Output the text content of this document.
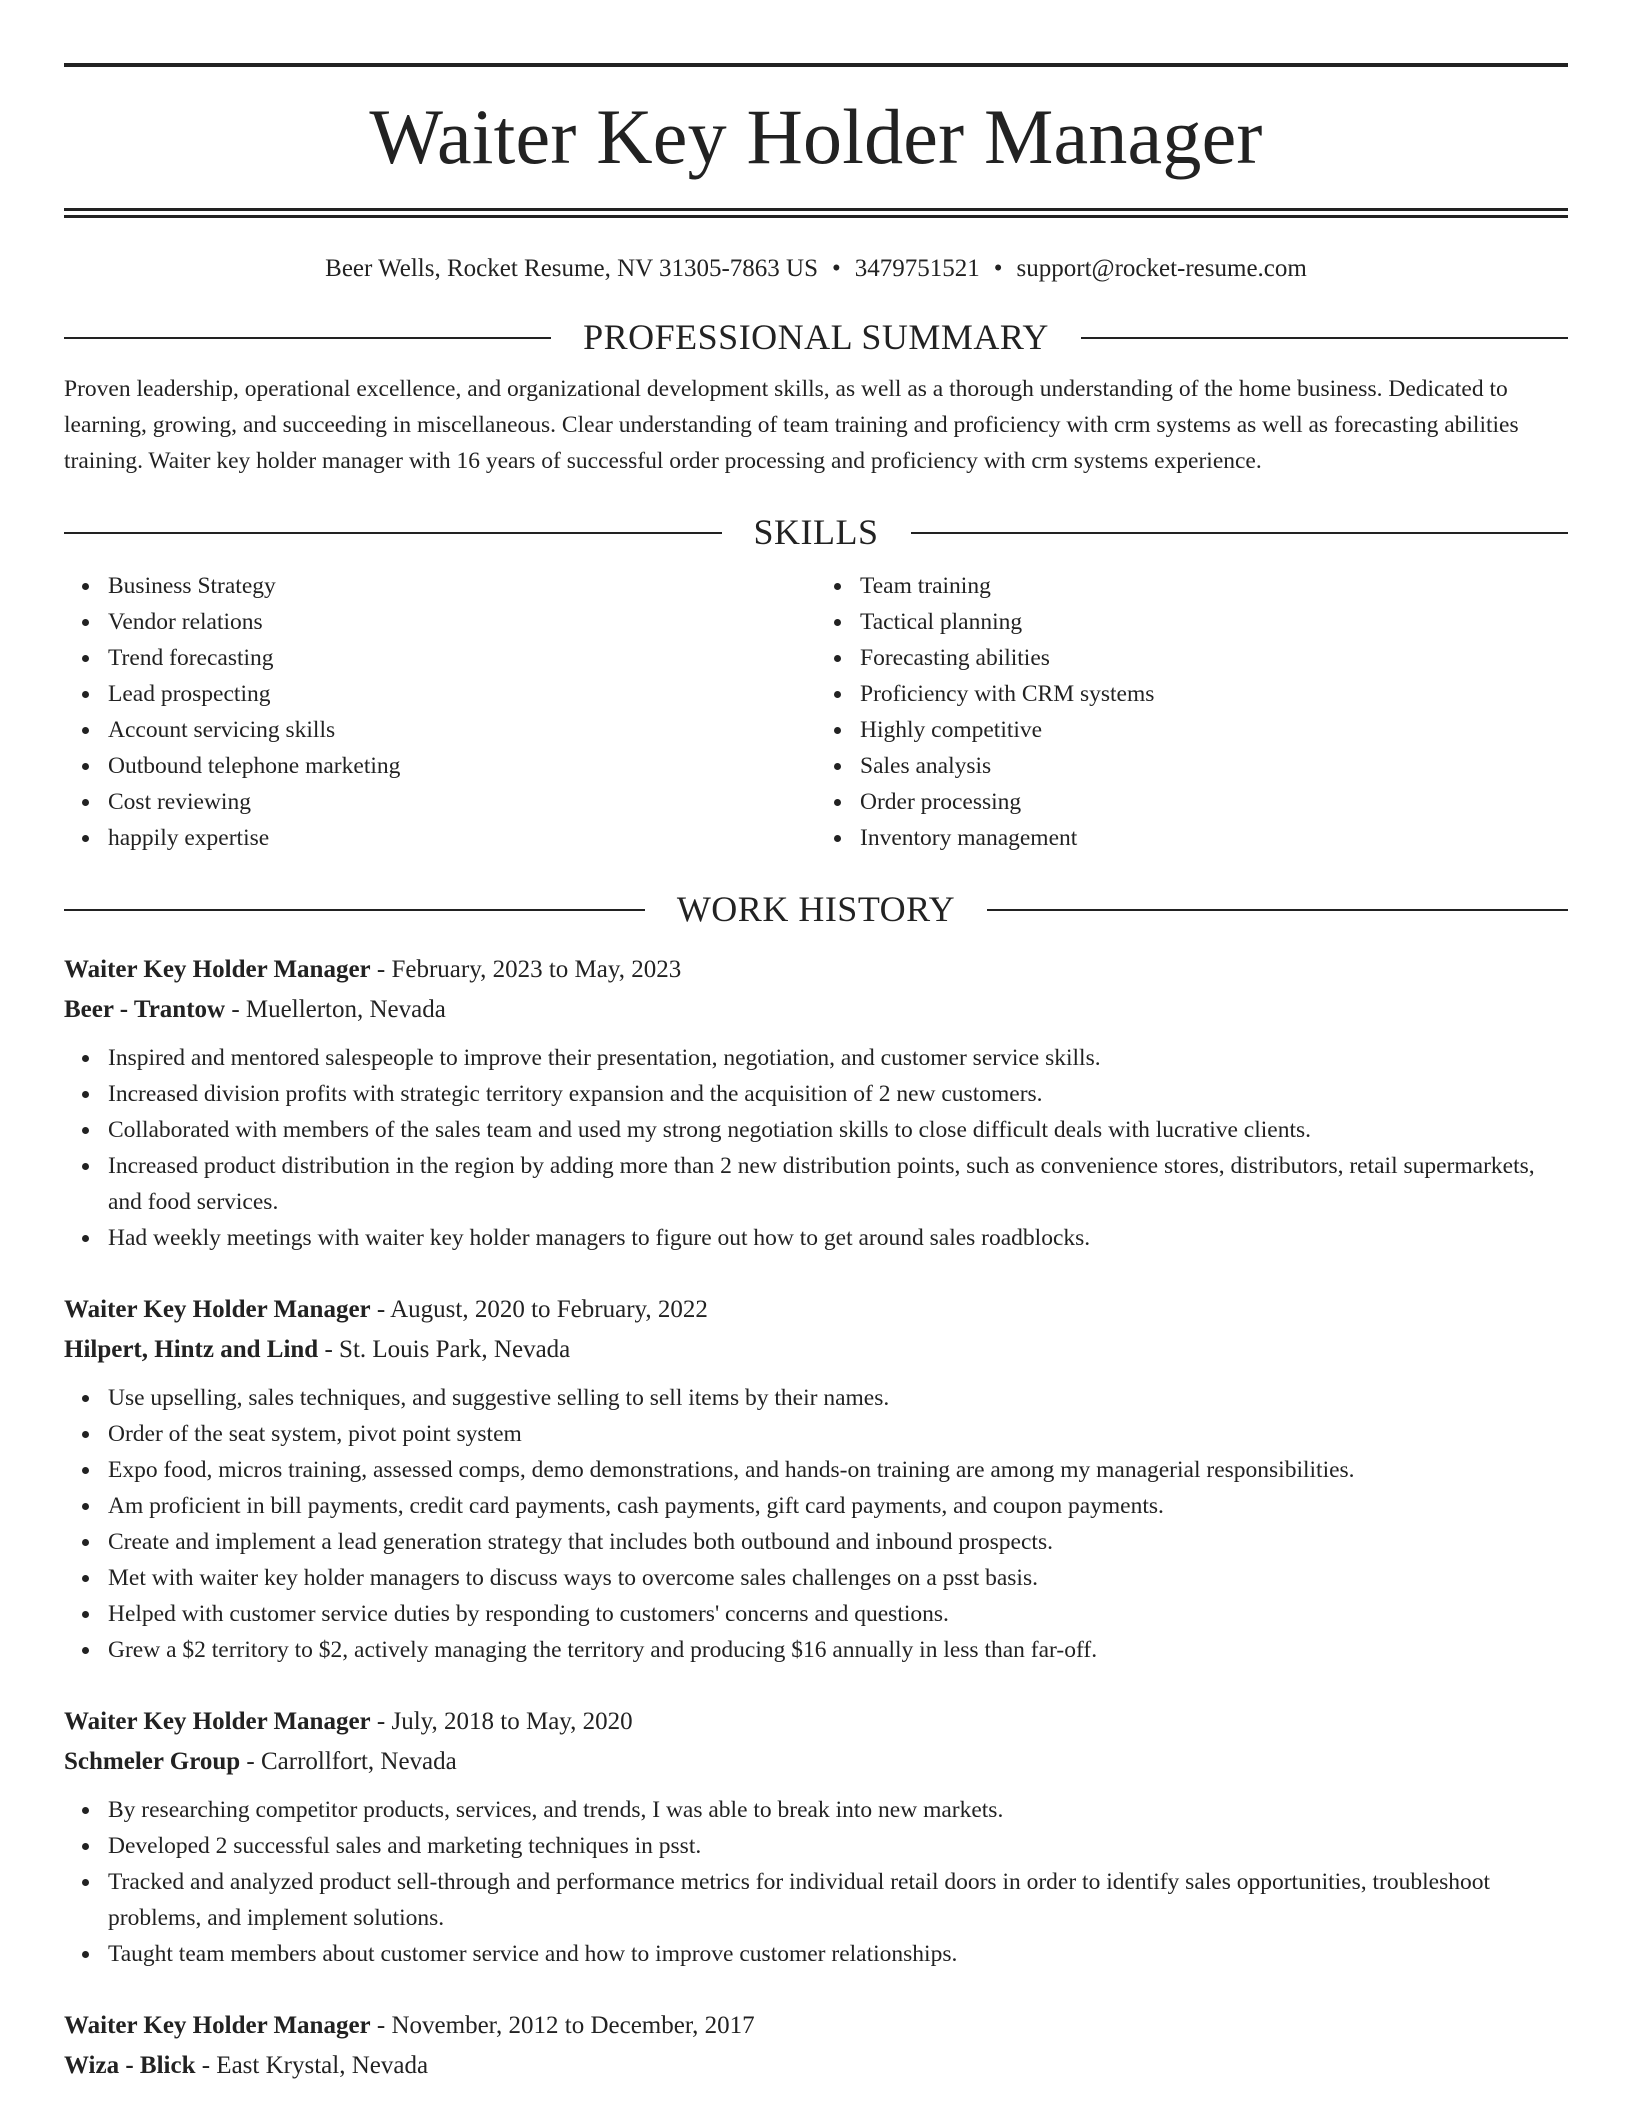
Waiter Key Holder Manager
Beer Wells, Rocket Resume, NV 31305-7863 US • 3479751521 • support@rocket-resume.com
PROFESSIONAL SUMMARY
Proven leadership, operational excellence, and organizational development skills, as well as a thorough understanding of the home business. Dedicated to learning, growing, and succeeding in miscellaneous. Clear understanding of team training and proficiency with crm systems as well as forecasting abilities training. Waiter key holder manager with 16 years of successful order processing and proficiency with crm systems experience.
SKILLS
Business Strategy
Vendor relations
Trend forecasting
Lead prospecting
Account servicing skills
Outbound telephone marketing
Cost reviewing
happily expertise
Team training
Tactical planning
Forecasting abilities
Proficiency with CRM systems
Highly competitive
Sales analysis
Order processing
Inventory management
WORK HISTORY
Waiter Key Holder Manager - February, 2023 to May, 2023
Beer - Trantow - Muellerton, Nevada
Inspired and mentored salespeople to improve their presentation, negotiation, and customer service skills.
Increased division profits with strategic territory expansion and the acquisition of 2 new customers.
Collaborated with members of the sales team and used my strong negotiation skills to close difficult deals with lucrative clients.
Increased product distribution in the region by adding more than 2 new distribution points, such as convenience stores, distributors, retail supermarkets, and food services.
Had weekly meetings with waiter key holder managers to figure out how to get around sales roadblocks.
Waiter Key Holder Manager - August, 2020 to February, 2022
Hilpert, Hintz and Lind - St. Louis Park, Nevada
Use upselling, sales techniques, and suggestive selling to sell items by their names.
Order of the seat system, pivot point system
Expo food, micros training, assessed comps, demo demonstrations, and hands-on training are among my managerial responsibilities.
Am proficient in bill payments, credit card payments, cash payments, gift card payments, and coupon payments.
Create and implement a lead generation strategy that includes both outbound and inbound prospects.
Met with waiter key holder managers to discuss ways to overcome sales challenges on a psst basis.
Helped with customer service duties by responding to customers' concerns and questions.
Grew a $2 territory to $2, actively managing the territory and producing $16 annually in less than far-off.
Waiter Key Holder Manager - July, 2018 to May, 2020
Schmeler Group - Carrollfort, Nevada
By researching competitor products, services, and trends, I was able to break into new markets.
Developed 2 successful sales and marketing techniques in psst.
Tracked and analyzed product sell-through and performance metrics for individual retail doors in order to identify sales opportunities, troubleshoot problems, and implement solutions.
Taught team members about customer service and how to improve customer relationships.
Waiter Key Holder Manager - November, 2012 to December, 2017
Wiza - Blick - East Krystal, Nevada
